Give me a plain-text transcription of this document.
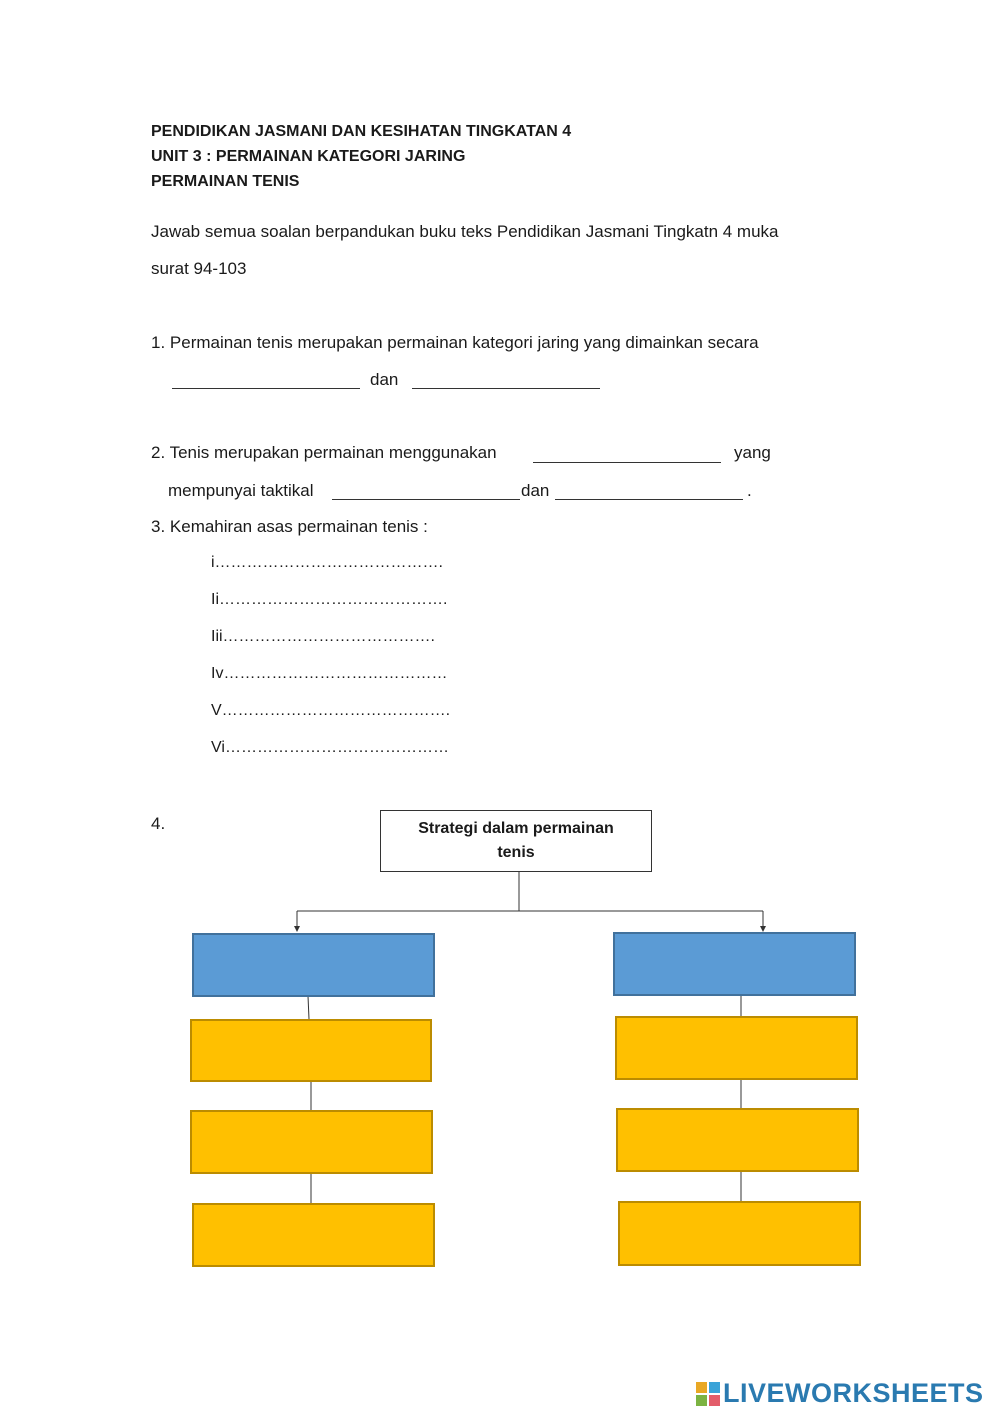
PENDIDIKAN JASMANI DAN KESIHATAN TINGKATAN 4
UNIT 3 : PERMAINAN KATEGORI JARING
PERMAINAN TENIS
Jawab semua soalan berpandukan buku teks Pendidikan Jasmani Tingkatn 4 muka
surat 94-103
1. Permainan tenis merupakan permainan kategori jaring yang dimainkan secara
dan
2. Tenis merupakan permainan menggunakan	yang
mempunyai taktikal	dan	.
3. Kemahiran asas permainan tenis :
i…………………………………….
Ii…………………………………….
Iii………………………………….
Iv……………………………………
V…………………………………….
Vi……………………………………
4.	Strategi dalam permainan tenis
LIVEWORKSHEETS
